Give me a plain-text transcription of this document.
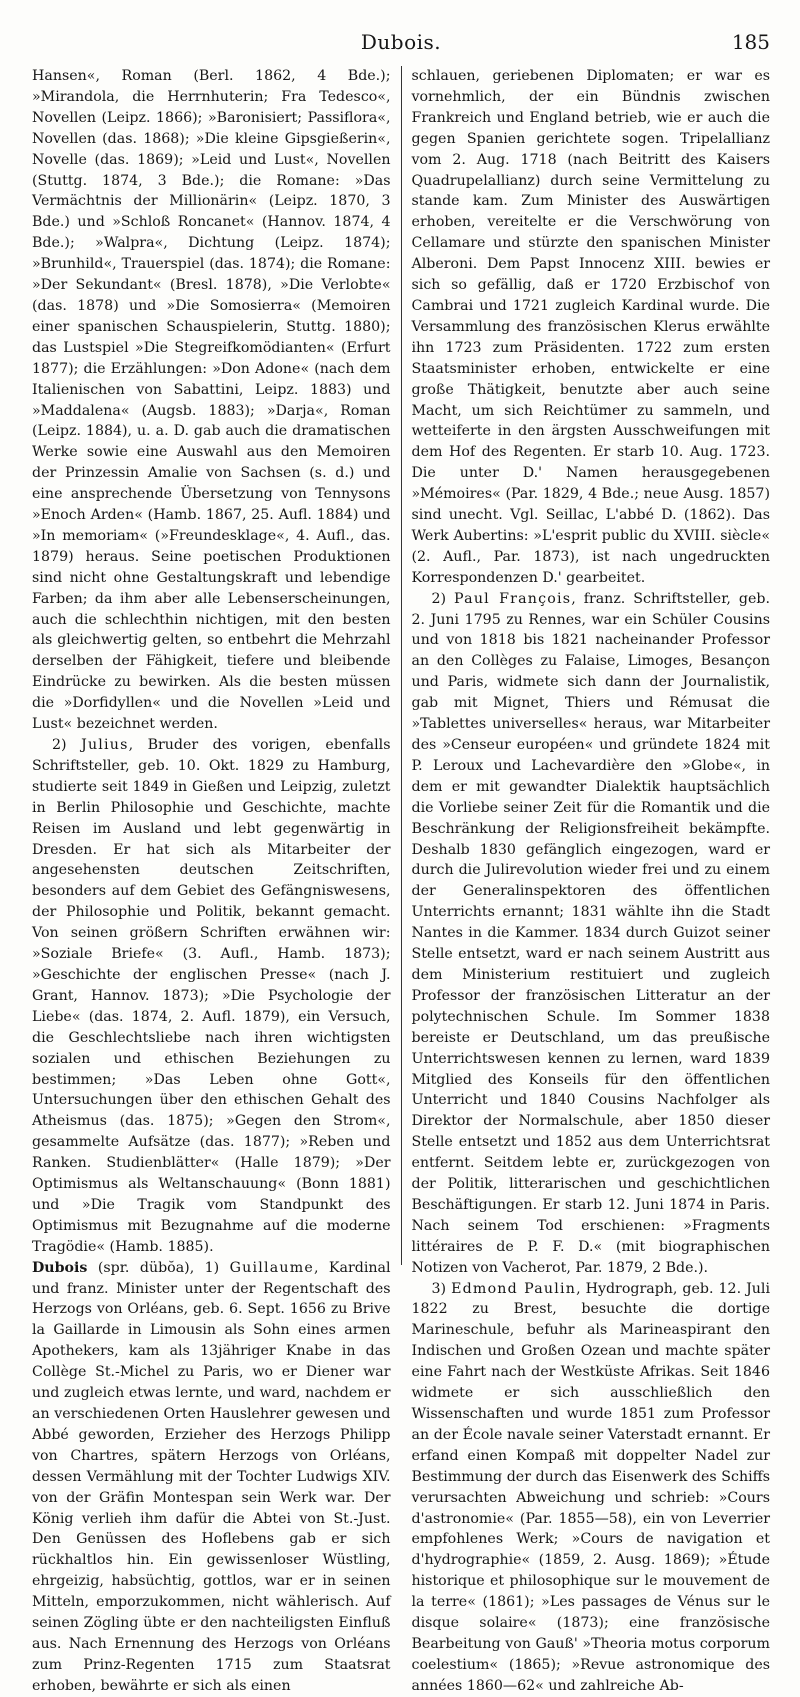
Dubois.	185

Hansen«, Roman (Berl. 1862, 4 Bde.); »Mirandola, die Herrnhuterin; Fra Tedesco«, Novellen (Leipz. 1866); »Baronisiert; Passiflora«, Novellen (das. 1868); »Die kleine Gipsgießerin«, Novelle (das. 1869); »Leid und Lust«, Novellen (Stuttg. 1874, 3 Bde.); die Romane: »Das Vermächtnis der Millionärin« (Leipz. 1870, 3 Bde.) und »Schloß Roncanet« (Hannov. 1874, 4 Bde.); »Walpra«, Dichtung (Leipz. 1874); »Brunhild«, Trauerspiel (das. 1874); die Romane: »Der Sekundant« (Bresl. 1878), »Die Verlobte« (das. 1878) und »Die Somosierra« (Memoiren einer spanischen Schauspielerin, Stuttg. 1880); das Lustspiel »Die Stegreifkomödianten« (Erfurt 1877); die Erzählungen: »Don Adone« (nach dem Italienischen von Sabattini, Leipz. 1883) und »Maddalena« (Augsb. 1883); »Darja«, Roman (Leipz. 1884), u. a. D. gab auch die dramatischen Werke sowie eine Auswahl aus den Memoiren der Prinzessin Amalie von Sachsen (s. d.) und eine ansprechende Übersetzung von Tennysons »Enoch Arden« (Hamb. 1867, 25. Aufl. 1884) und »In memoriam« (»Freundesklage«, 4. Aufl., das. 1879) heraus. Seine poetischen Produktionen sind nicht ohne Gestaltungskraft und lebendige Farben; da ihm aber alle Lebenserscheinungen, auch die schlechthin nichtigen, mit den besten als gleichwertig gelten, so entbehrt die Mehrzahl derselben der Fähigkeit, tiefere und bleibende Eindrücke zu bewirken. Als die besten müssen die »Dorfidyllen« und die Novellen »Leid und Lust« bezeichnet werden.

2) Julius, Bruder des vorigen, ebenfalls Schriftsteller, geb. 10. Okt. 1829 zu Hamburg, studierte seit 1849 in Gießen und Leipzig, zuletzt in Berlin Philosophie und Geschichte, machte Reisen im Ausland und lebt gegenwärtig in Dresden. Er hat sich als Mitarbeiter der angesehensten deutschen Zeitschriften, besonders auf dem Gebiet des Gefängniswesens, der Philosophie und Politik, bekannt gemacht. Von seinen größern Schriften erwähnen wir: »Soziale Briefe« (3. Aufl., Hamb. 1873); »Geschichte der englischen Presse« (nach J. Grant, Hannov. 1873); »Die Psychologie der Liebe« (das. 1874, 2. Aufl. 1879), ein Versuch, die Geschlechtsliebe nach ihren wichtigsten sozialen und ethischen Beziehungen zu bestimmen; »Das Leben ohne Gott«, Untersuchungen über den ethischen Gehalt des Atheismus (das. 1875); »Gegen den Strom«, gesammelte Aufsätze (das. 1877); »Reben und Ranken. Studienblätter« (Halle 1879); »Der Optimismus als Weltanschauung« (Bonn 1881) und »Die Tragik vom Standpunkt des Optimismus mit Bezugnahme auf die moderne Tragödie« (Hamb. 1885).

Dubois (spr. dübŏa), 1) Guillaume, Kardinal und franz. Minister unter der Regentschaft des Herzogs von Orléans, geb. 6. Sept. 1656 zu Brive la Gaillarde in Limousin als Sohn eines armen Apothekers, kam als 13jähriger Knabe in das Collège St.-Michel zu Paris, wo er Diener war und zugleich etwas lernte, und ward, nachdem er an verschiedenen Orten Hauslehrer gewesen und Abbé geworden, Erzieher des Herzogs Philipp von Chartres, spätern Herzogs von Orléans, dessen Vermählung mit der Tochter Ludwigs XIV. von der Gräfin Montespan sein Werk war. Der König verlieh ihm dafür die Abtei von St.-Just. Den Genüssen des Hoflebens gab er sich rückhaltlos hin. Ein gewissenloser Wüstling, ehrgeizig, habsüchtig, gottlos, war er in seinen Mitteln, emporzukommen, nicht wählerisch. Auf seinen Zögling übte er den nachteiligsten Einfluß aus. Nach Ernennung des Herzogs von Orléans zum Prinz-Regenten 1715 zum Staatsrat erhoben, bewährte er sich als einen

schlauen, geriebenen Diplomaten; er war es vornehmlich, der ein Bündnis zwischen Frankreich und England betrieb, wie er auch die gegen Spanien gerichtete sogen. Tripelallianz vom 2. Aug. 1718 (nach Beitritt des Kaisers Quadrupelallianz) durch seine Vermittelung zu stande kam. Zum Minister des Auswärtigen erhoben, vereitelte er die Verschwörung von Cellamare und stürzte den spanischen Minister Alberoni. Dem Papst Innocenz XIII. bewies er sich so gefällig, daß er 1720 Erzbischof von Cambrai und 1721 zugleich Kardinal wurde. Die Versammlung des französischen Klerus erwählte ihn 1723 zum Präsidenten. 1722 zum ersten Staatsminister erhoben, entwickelte er eine große Thätigkeit, benutzte aber auch seine Macht, um sich Reichtümer zu sammeln, und wetteiferte in den ärgsten Ausschweifungen mit dem Hof des Regenten. Er starb 10. Aug. 1723. Die unter D.' Namen herausgegebenen »Mémoires« (Par. 1829, 4 Bde.; neue Ausg. 1857) sind unecht. Vgl. Seillac, L'abbé D. (1862). Das Werk Aubertins: »L'esprit public du XVIII. siècle« (2. Aufl., Par. 1873), ist nach ungedruckten Korrespondenzen D.' gearbeitet.

2) Paul François, franz. Schriftsteller, geb. 2. Juni 1795 zu Rennes, war ein Schüler Cousins und von 1818 bis 1821 nacheinander Professor an den Collèges zu Falaise, Limoges, Besançon und Paris, widmete sich dann der Journalistik, gab mit Mignet, Thiers und Rémusat die »Tablettes universelles« heraus, war Mitarbeiter des »Censeur européen« und gründete 1824 mit P. Leroux und Lachevardière den »Globe«, in dem er mit gewandter Dialektik hauptsächlich die Vorliebe seiner Zeit für die Romantik und die Beschränkung der Religionsfreiheit bekämpfte. Deshalb 1830 gefänglich eingezogen, ward er durch die Julirevolution wieder frei und zu einem der Generalinspektoren des öffentlichen Unterrichts ernannt; 1831 wählte ihn die Stadt Nantes in die Kammer. 1834 durch Guizot seiner Stelle entsetzt, ward er nach seinem Austritt aus dem Ministerium restituiert und zugleich Professor der französischen Litteratur an der polytechnischen Schule. Im Sommer 1838 bereiste er Deutschland, um das preußische Unterrichtswesen kennen zu lernen, ward 1839 Mitglied des Konseils für den öffentlichen Unterricht und 1840 Cousins Nachfolger als Direktor der Normalschule, aber 1850 dieser Stelle entsetzt und 1852 aus dem Unterrichtsrat entfernt. Seitdem lebte er, zurückgezogen von der Politik, litterarischen und geschichtlichen Beschäftigungen. Er starb 12. Juni 1874 in Paris. Nach seinem Tod erschienen: »Fragments littéraires de P. F. D.« (mit biographischen Notizen von Vacherot, Par. 1879, 2 Bde.).

3) Edmond Paulin, Hydrograph, geb. 12. Juli 1822 zu Brest, besuchte die dortige Marineschule, befuhr als Marineaspirant den Indischen und Großen Ozean und machte später eine Fahrt nach der Westküste Afrikas. Seit 1846 widmete er sich ausschließlich den Wissenschaften und wurde 1851 zum Professor an der École navale seiner Vaterstadt ernannt. Er erfand einen Kompaß mit doppelter Nadel zur Bestimmung der durch das Eisenwerk des Schiffs verursachten Abweichung und schrieb: »Cours d'astronomie« (Par. 1855—58), ein von Leverrier empfohlenes Werk; »Cours de navigation et d'hydrographie« (1859, 2. Ausg. 1869); »Étude historique et philosophique sur le mouvement de la terre« (1861); »Les passages de Vénus sur le disque solaire« (1873); eine französische Bearbeitung von Gauß' »Theoria motus corporum coelestium« (1865); »Revue astronomique des années 1860—62« und zahlreiche Ab-
